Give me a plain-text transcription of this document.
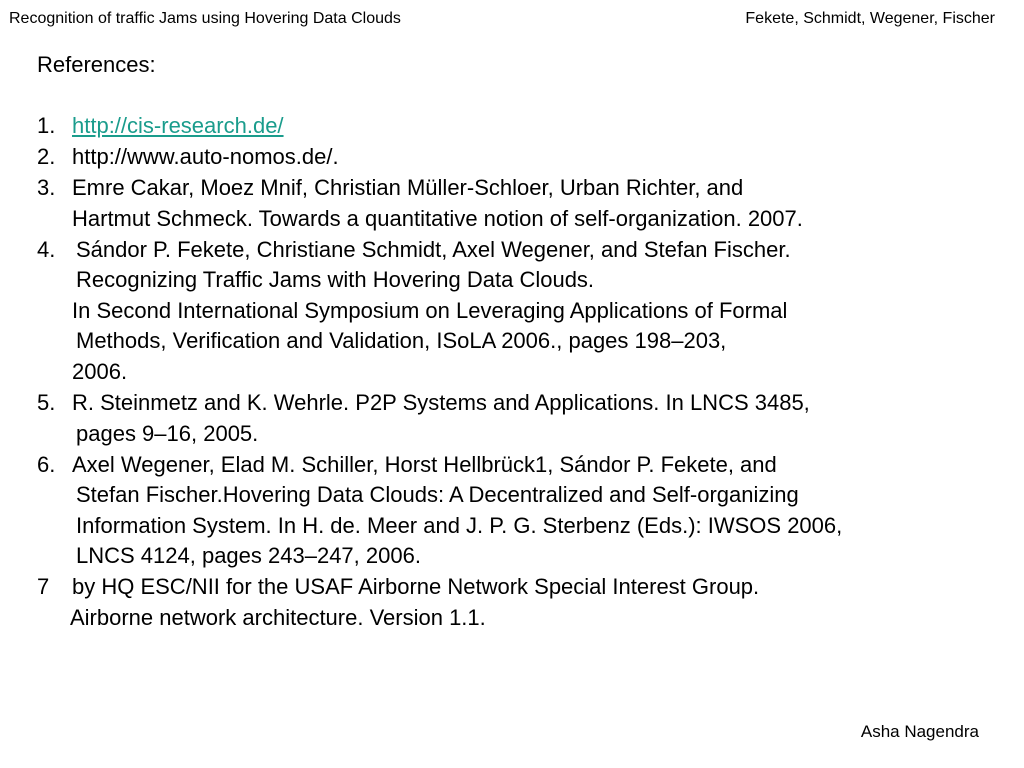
Recognition of traffic Jams using Hovering Data Clouds	Fekete, Schmidt, Wegener, Fischer
References:
1. http://cis-research.de/
2. http://www.auto-nomos.de/.
3. Emre Cakar, Moez Mnif, Christian Müller-Schloer, Urban Richter, and
Hartmut Schmeck. Towards a quantitative notion of self-organization. 2007.
4. Sándor P. Fekete, Christiane Schmidt, Axel Wegener, and Stefan Fischer.
Recognizing Traffic Jams with Hovering Data Clouds.
In Second International Symposium on Leveraging Applications of Formal
Methods, Verification and Validation, ISoLA 2006., pages 198–203,
2006.
5. R. Steinmetz and K. Wehrle. P2P Systems and Applications. In LNCS 3485,
pages 9–16, 2005.
6. Axel Wegener, Elad M. Schiller, Horst Hellbrück1, Sándor P. Fekete, and
Stefan Fischer.Hovering Data Clouds: A Decentralized and Self-organizing
Information System. In H. de. Meer and J. P. G. Sterbenz (Eds.): IWSOS 2006,
LNCS 4124, pages 243–247, 2006.
7 by HQ ESC/NII for the USAF Airborne Network Special Interest Group.
Airborne network architecture. Version 1.1.
Asha Nagendra
